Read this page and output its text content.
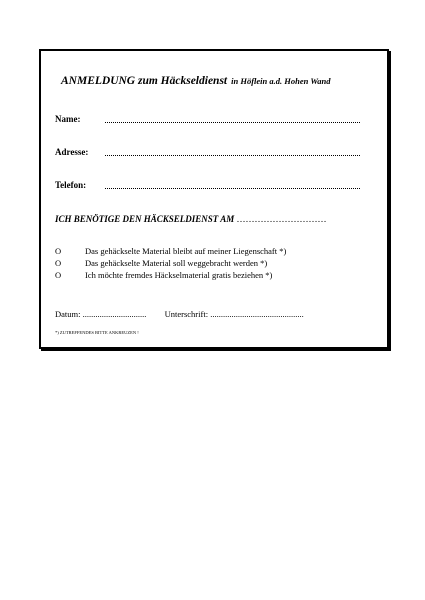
ANMELDUNG zum Häckseldienst in Höflein a.d. Hohen Wand
Name:
Adresse:
Telefon:
ICH BENÖTIGE DEN HÄCKSELDIENST AM …………………………
O	Das gehäckselte Material bleibt auf meiner Liegenschaft *)
O	Das gehäckselte Material soll weggebracht werden *)
O	Ich möchte fremdes Häckselmaterial gratis beziehen *)
Datum: .............................. Unterschrift: ............................................
*) ZUTREFFENDES BITTE ANKREUZEN !
